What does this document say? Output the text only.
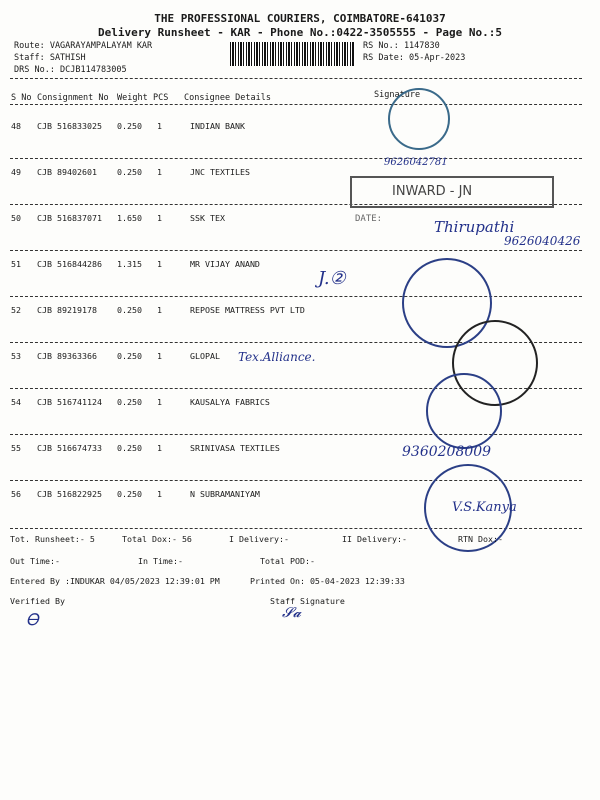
THE PROFESSIONAL COURIERS, COIMBATORE-641037
Delivery Runsheet - KAR - Phone No.:0422-3505555 - Page No.:5
Route: VAGARAYAMPALAYAM KAR
Staff: SATHISH
DRS No.: DCJB114783005
RS No.: 1147830
RS Date: 05-Apr-2023
S No Consignment No Weight PCS Consignee Details	Signature
48 CJB 516833025 0.250 1	INDIAN BANK
49 CJB 89402601 0.250 1	JNC TEXTILES
50 CJB 516837071 1.650 1	SSK TEX
51 CJB 516844286 1.315 1	MR VIJAY ANAND
52 CJB 89219178 0.250 1	REPOSE MATTRESS PVT LTD
53 CJB 89363366 0.250 1	GLOPAL
54 CJB 516741124 0.250 1	KAUSALYA FABRICS
55 CJB 516674733 0.250 1	SRINIVASA TEXTILES
56 CJB 516822925 0.250 1	N SUBRAMANIYAM
9626042781
INWARD - JN
DATE:	Thirupathi
9626040426
J.②
Tex.Alliance.
9360208009
V.S.Kanya
Tot. Runsheet:- 5	Total Dox:- 56	I Delivery:-	II Delivery:-	RTN Dox:-
Out Time:-	In Time:-	Total POD:-
Entered By :INDUKAR 04/05/2023 12:39:01 PM	Printed On: 05-04-2023 12:39:33
Verified By	Staff Signature
Ꮎ	𝓢𝓪
